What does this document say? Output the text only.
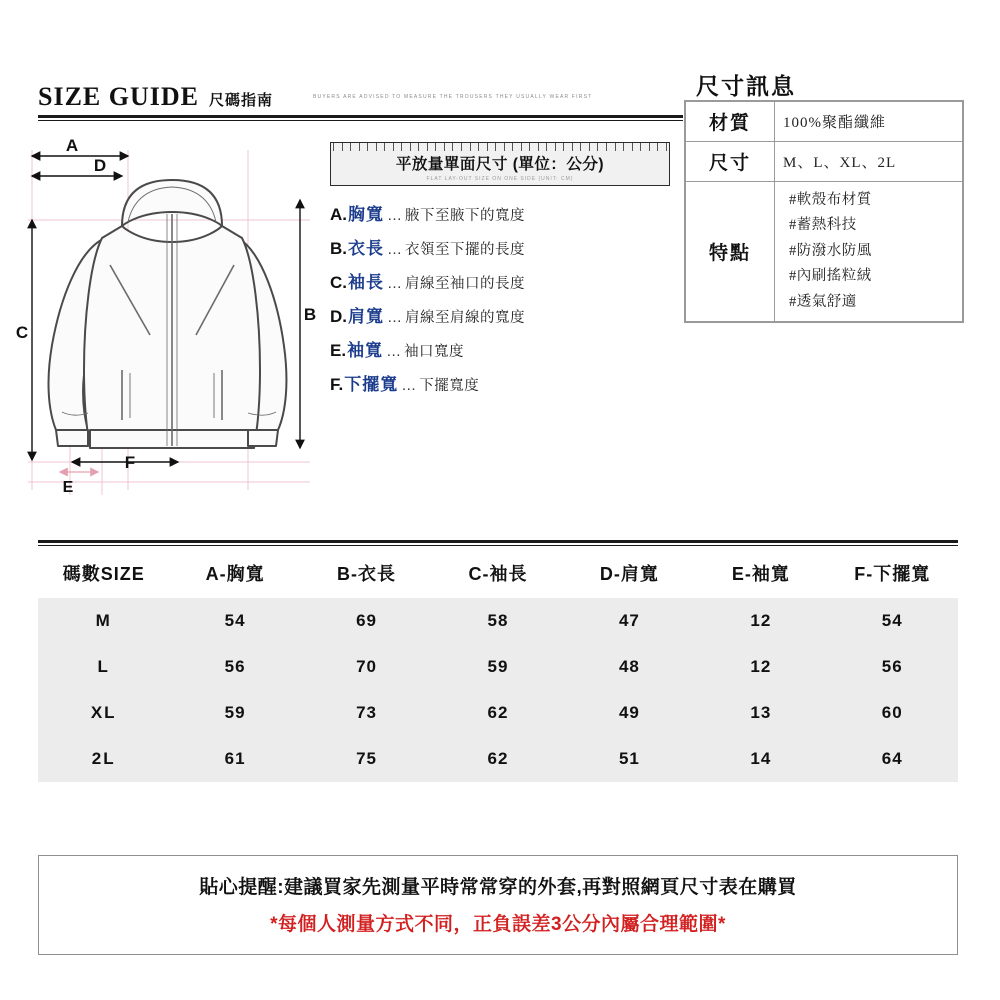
SIZE GUIDE 尺碼指南	BUYERS ARE ADVISED TO MEASURE THE TROUSERS THEY USUALLY WEAR FIRST
A
D
C
B
F
E
平放量單面尺寸 (單位：公分)
FLAT LAY-OUT SIZE ON ONE SIDE (UNIT: CM)
A. 胸寬 … 腋下至腋下的寬度
B. 衣長 … 衣領至下擺的長度
C. 袖長 … 肩線至袖口的長度
D. 肩寬 … 肩線至肩線的寬度
E. 袖寬 … 袖口寬度
F. 下擺寬 … 下擺寬度
尺寸訊息
材質	100%聚酯纖維
尺寸	M、L、XL、2L
特點	#軟殼布材質
#蓄熱科技
#防潑水防風
#內刷搖粒絨
#透氣舒適
碼數SIZE	A-胸寬	B-衣長	C-袖長	D-肩寬	E-袖寬	F-下擺寬
M	54	69	58	47	12	54
L	56	70	59	48	12	56
XL	59	73	62	49	13	60
2L	61	75	62	51	14	64
貼心提醒:建議買家先測量平時常常穿的外套,再對照網頁尺寸表在購買
*每個人測量方式不同，正負誤差3公分內屬合理範圍*
